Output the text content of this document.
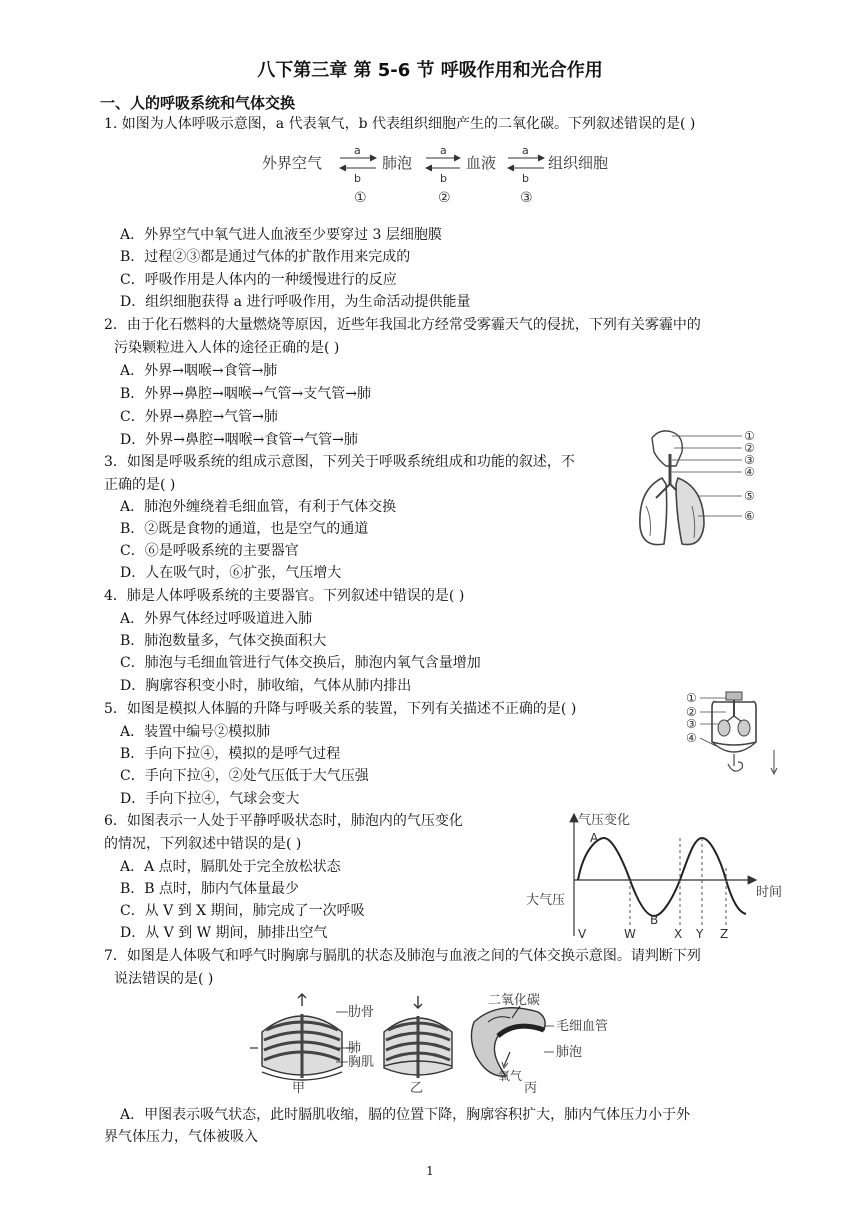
八下第三章 第 5-6 节 呼吸作用和光合作用
一、人的呼吸系统和气体交换
1. 如图为人体呼吸示意图，a 代表氧气，b 代表组织细胞产生的二氧化碳。下列叙述错误的是( )
外界空气
a
b
①
肺泡
a
b
②
血液
a
b
③
组织细胞
A．外界空气中氧气进人血液至少要穿过 3 层细胞膜
B．过程②③都是通过气体的扩散作用来完成的
C．呼吸作用是人体内的一种缓慢进行的反应
D．组织细胞获得 a 进行呼吸作用，为生命活动提供能量
2．由于化石燃料的大量燃烧等原因，近些年我国北方经常受雾霾天气的侵扰，下列有关雾霾中的
污染颗粒进入人体的途径正确的是( )
A．外界→咽喉→食管→肺
B．外界→鼻腔→咽喉→气管→支气管→肺
C．外界→鼻腔→气管→肺
D．外界→鼻腔→咽喉→食管→气管→肺
3．如图是呼吸系统的组成示意图，下列关于呼吸系统组成和功能的叙述，不
正确的是( )
A．肺泡外缠绕着毛细血管，有利于气体交换
B．②既是食物的通道，也是空气的通道
C．⑥是呼吸系统的主要器官
D．人在吸气时，⑥扩张，气压增大
①
②
③
④
⑤
⑥
4．肺是人体呼吸系统的主要器官。下列叙述中错误的是( )
A．外界气体经过呼吸道进入肺
B．肺泡数量多，气体交换面积大
C．肺泡与毛细血管进行气体交换后，肺泡内氧气含量增加
D．胸廓容积变小时，肺收缩，气体从肺内排出
5．如图是模拟人体膈的升降与呼吸关系的装置，下列有关描述不正确的是( )
A．装置中编号②模拟肺
B．手向下拉④，模拟的是呼气过程
C．手向下拉④，②处气压低于大气压强
D．手向下拉④，气球会变大
①
②
③
④
6．如图表示一人处于平静呼吸状态时，肺泡内的气压变化
的情况，下列叙述中错误的是( )
A．A 点时，膈肌处于完全放松状态
B．B 点时，肺内气体量最少
C．从 V 到 X 期间，肺完成了一次呼吸
D．从 V 到 W 期间，肺排出空气
气压变化
时间
大气压
A
B
V	W	X Y Z
7．如图是人体吸气和呼气时胸廓与膈肌的状态及肺泡与血液之间的气体交换示意图。请判断下列
说法错误的是( )
肋骨
肺
胸肌
甲	乙
二氧化碳
毛细血管
肺泡
氧气
丙
A．甲图表示吸气状态，此时膈肌收缩，膈的位置下降，胸廓容积扩大，肺内气体压力小于外
界气体压力，气体被吸入
1
